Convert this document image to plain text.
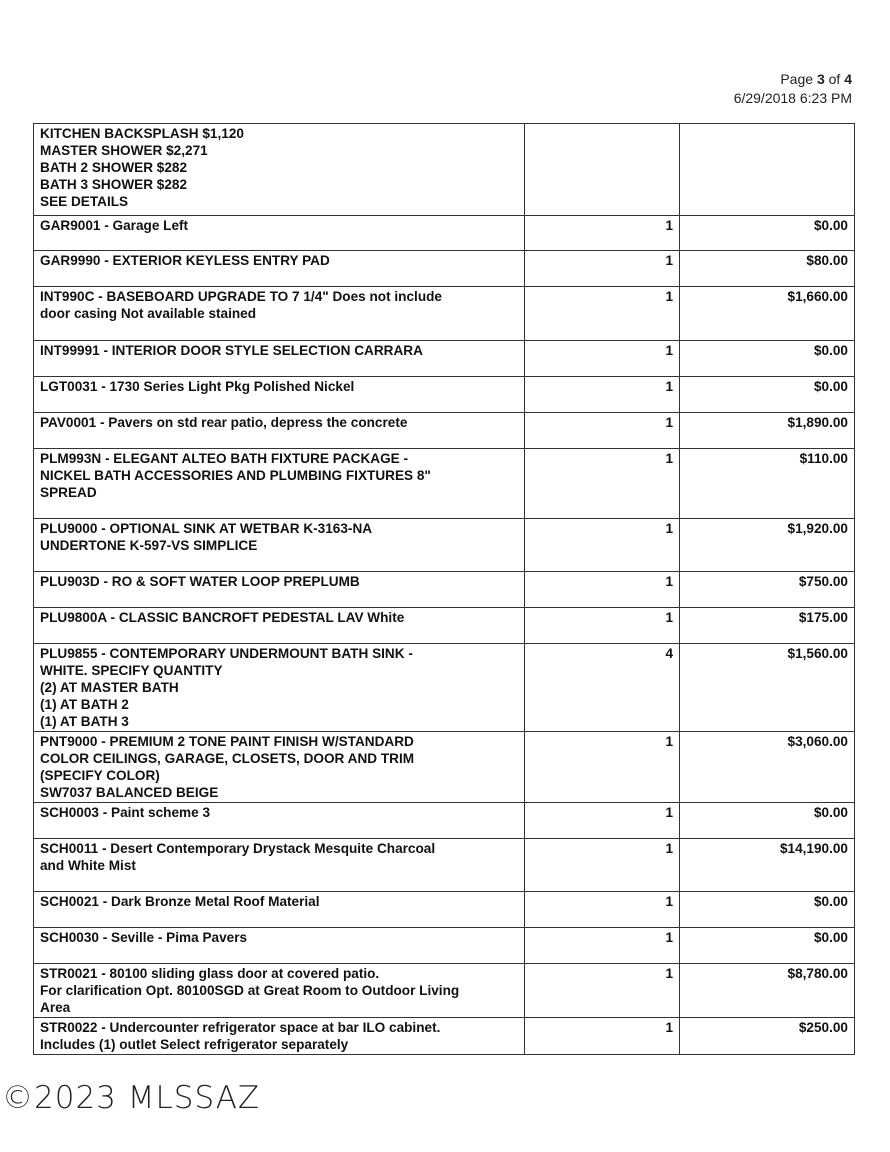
Page 3 of 4
6/29/2018 6:23 PM
KITCHEN BACKSPLASH $1,120
MASTER SHOWER $2,271
BATH 2 SHOWER $282
BATH 3 SHOWER $282
SEE DETAILS		

GAR9001 - Garage Left	1	$0.00

GAR9990 - EXTERIOR KEYLESS ENTRY PAD	1	$80.00

INT990C - BASEBOARD UPGRADE TO 7 1/4" Does not include
door casing Not available stained	1	$1,660.00

INT99991 - INTERIOR DOOR STYLE SELECTION CARRARA	1	$0.00

LGT0031 - 1730 Series Light Pkg Polished Nickel	1	$0.00

PAV0001 - Pavers on std rear patio, depress the concrete	1	$1,890.00

PLM993N - ELEGANT ALTEO BATH FIXTURE PACKAGE -
NICKEL BATH ACCESSORIES AND PLUMBING FIXTURES 8"
SPREAD	1	$110.00

PLU9000 - OPTIONAL SINK AT WETBAR K-3163-NA
UNDERTONE K-597-VS SIMPLICE	1	$1,920.00

PLU903D - RO & SOFT WATER LOOP PREPLUMB	1	$750.00

PLU9800A - CLASSIC BANCROFT PEDESTAL LAV White	1	$175.00

PLU9855 - CONTEMPORARY UNDERMOUNT BATH SINK -
WHITE. SPECIFY QUANTITY
(2) AT MASTER BATH
(1) AT BATH 2
(1) AT BATH 3	4	$1,560.00

PNT9000 - PREMIUM 2 TONE PAINT FINISH W/STANDARD
COLOR CEILINGS, GARAGE, CLOSETS, DOOR AND TRIM
(SPECIFY COLOR)
SW7037 BALANCED BEIGE	1	$3,060.00

SCH0003 - Paint scheme 3	1	$0.00

SCH0011 - Desert Contemporary Drystack Mesquite Charcoal
and White Mist	1	$14,190.00

SCH0021 - Dark Bronze Metal Roof Material	1	$0.00

SCH0030 - Seville - Pima Pavers	1	$0.00

STR0021 - 80100 sliding glass door at covered patio.
For clarification Opt. 80100SGD at Great Room to Outdoor Living
Area	1	$8,780.00

STR0022 - Undercounter refrigerator space at bar ILO cabinet.
Includes (1) outlet Select refrigerator separately	1	$250.00
©2023 MLSSAZ
